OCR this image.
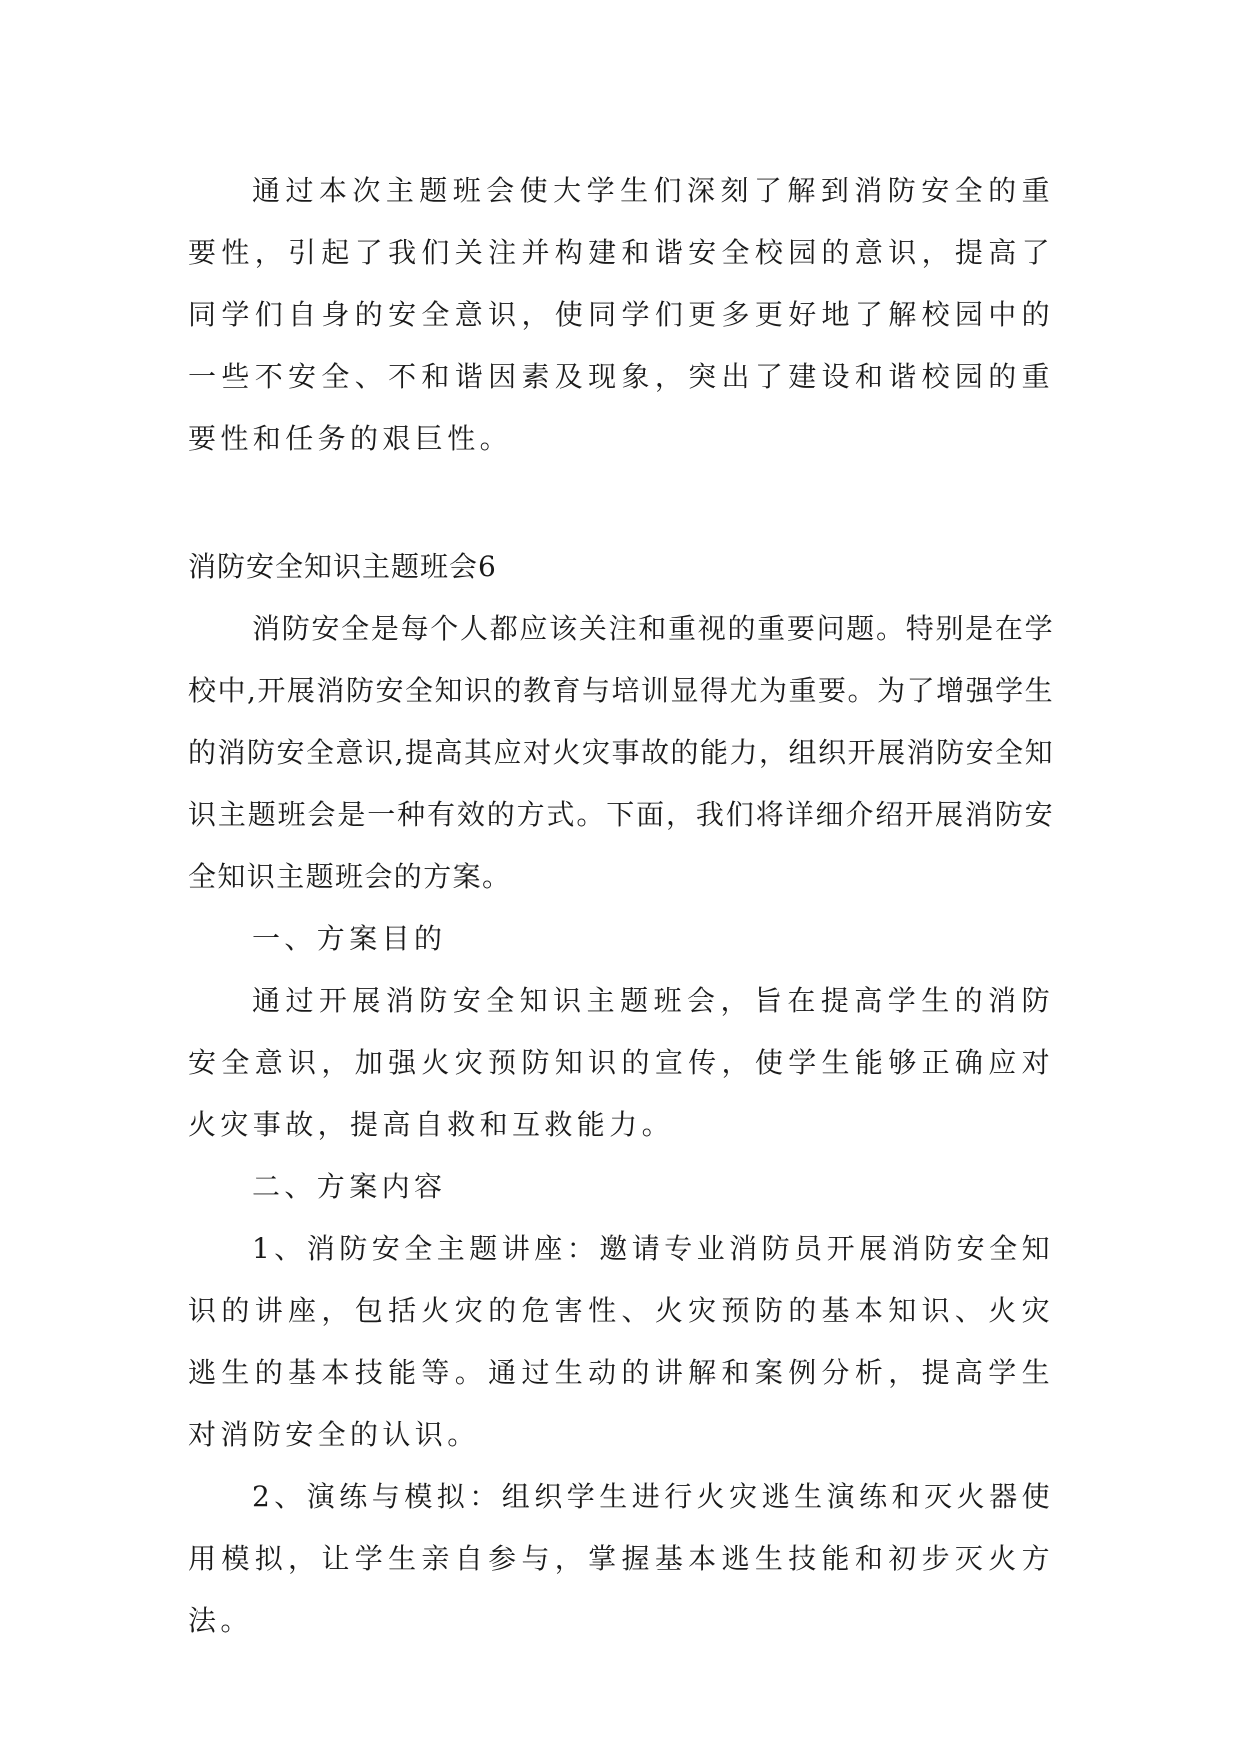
通过本次主题班会使大学生们深刻了解到消防安全的重要性，引起了我们关注并构建和谐安全校园的意识，提高了同学们自身的安全意识，使同学们更多更好地了解校园中的一些不安全、不和谐因素及现象，突出了建设和谐校园的重要性和任务的艰巨性。

消防安全知识主题班会6

消防安全是每个人都应该关注和重视的重要问题。特别是在学校中,开展消防安全知识的教育与培训显得尤为重要。为了增强学生的消防安全意识,提高其应对火灾事故的能力，组织开展消防安全知识主题班会是一种有效的方式。下面，我们将详细介绍开展消防安全知识主题班会的方案。

一、方案目的

通过开展消防安全知识主题班会，旨在提高学生的消防安全意识，加强火灾预防知识的宣传，使学生能够正确应对火灾事故，提高自救和互救能力。

二、方案内容

1、消防安全主题讲座：邀请专业消防员开展消防安全知识的讲座，包括火灾的危害性、火灾预防的基本知识、火灾逃生的基本技能等。通过生动的讲解和案例分析，提高学生对消防安全的认识。

2、演练与模拟：组织学生进行火灾逃生演练和灭火器使用模拟，让学生亲自参与，掌握基本逃生技能和初步灭火方法。
